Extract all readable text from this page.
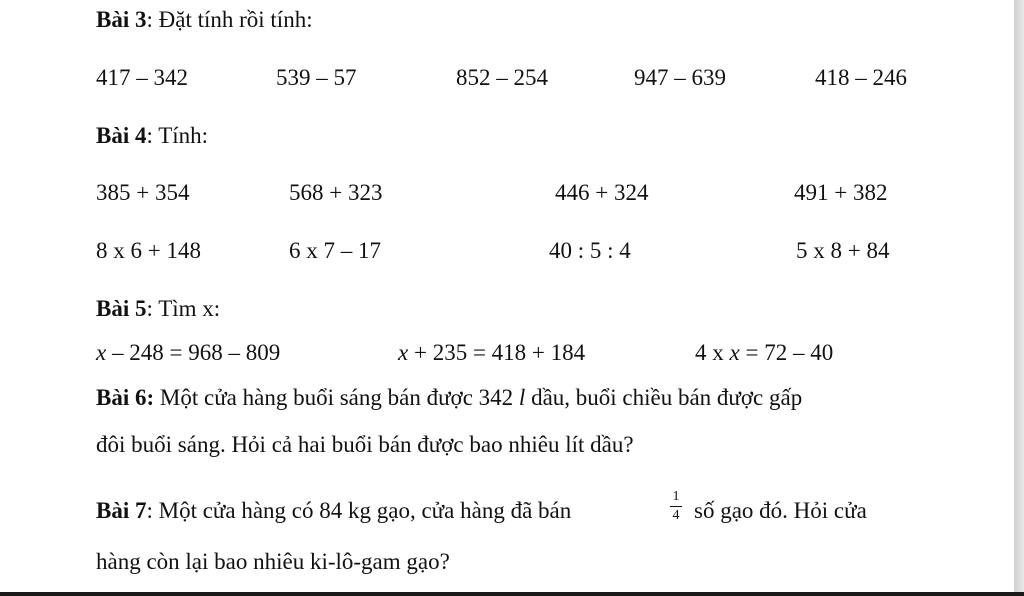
Bài 3: Đặt tính rồi tính:
417 – 342	539 – 57	852 – 254	947 – 639	418 – 246
Bài 4: Tính:
385 + 354	568 + 323	446 + 324	491 + 382
8 x 6 + 148	6 x 7 – 17	40 : 5 : 4	5 x 8 + 84
Bài 5: Tìm x:
x – 248 = 968 – 809	x + 235 = 418 + 184	4 x x = 72 – 40
Bài 6: Một cửa hàng buổi sáng bán được 342 l dầu, buổi chiều bán được gấp
đôi buổi sáng. Hỏi cả hai buổi bán được bao nhiêu lít dầu?
Bài 7: Một cửa hàng có 84 kg gạo, cửa hàng đã bán
1
4 số gạo đó. Hỏi cửa
hàng còn lại bao nhiêu ki-lô-gam gạo?
